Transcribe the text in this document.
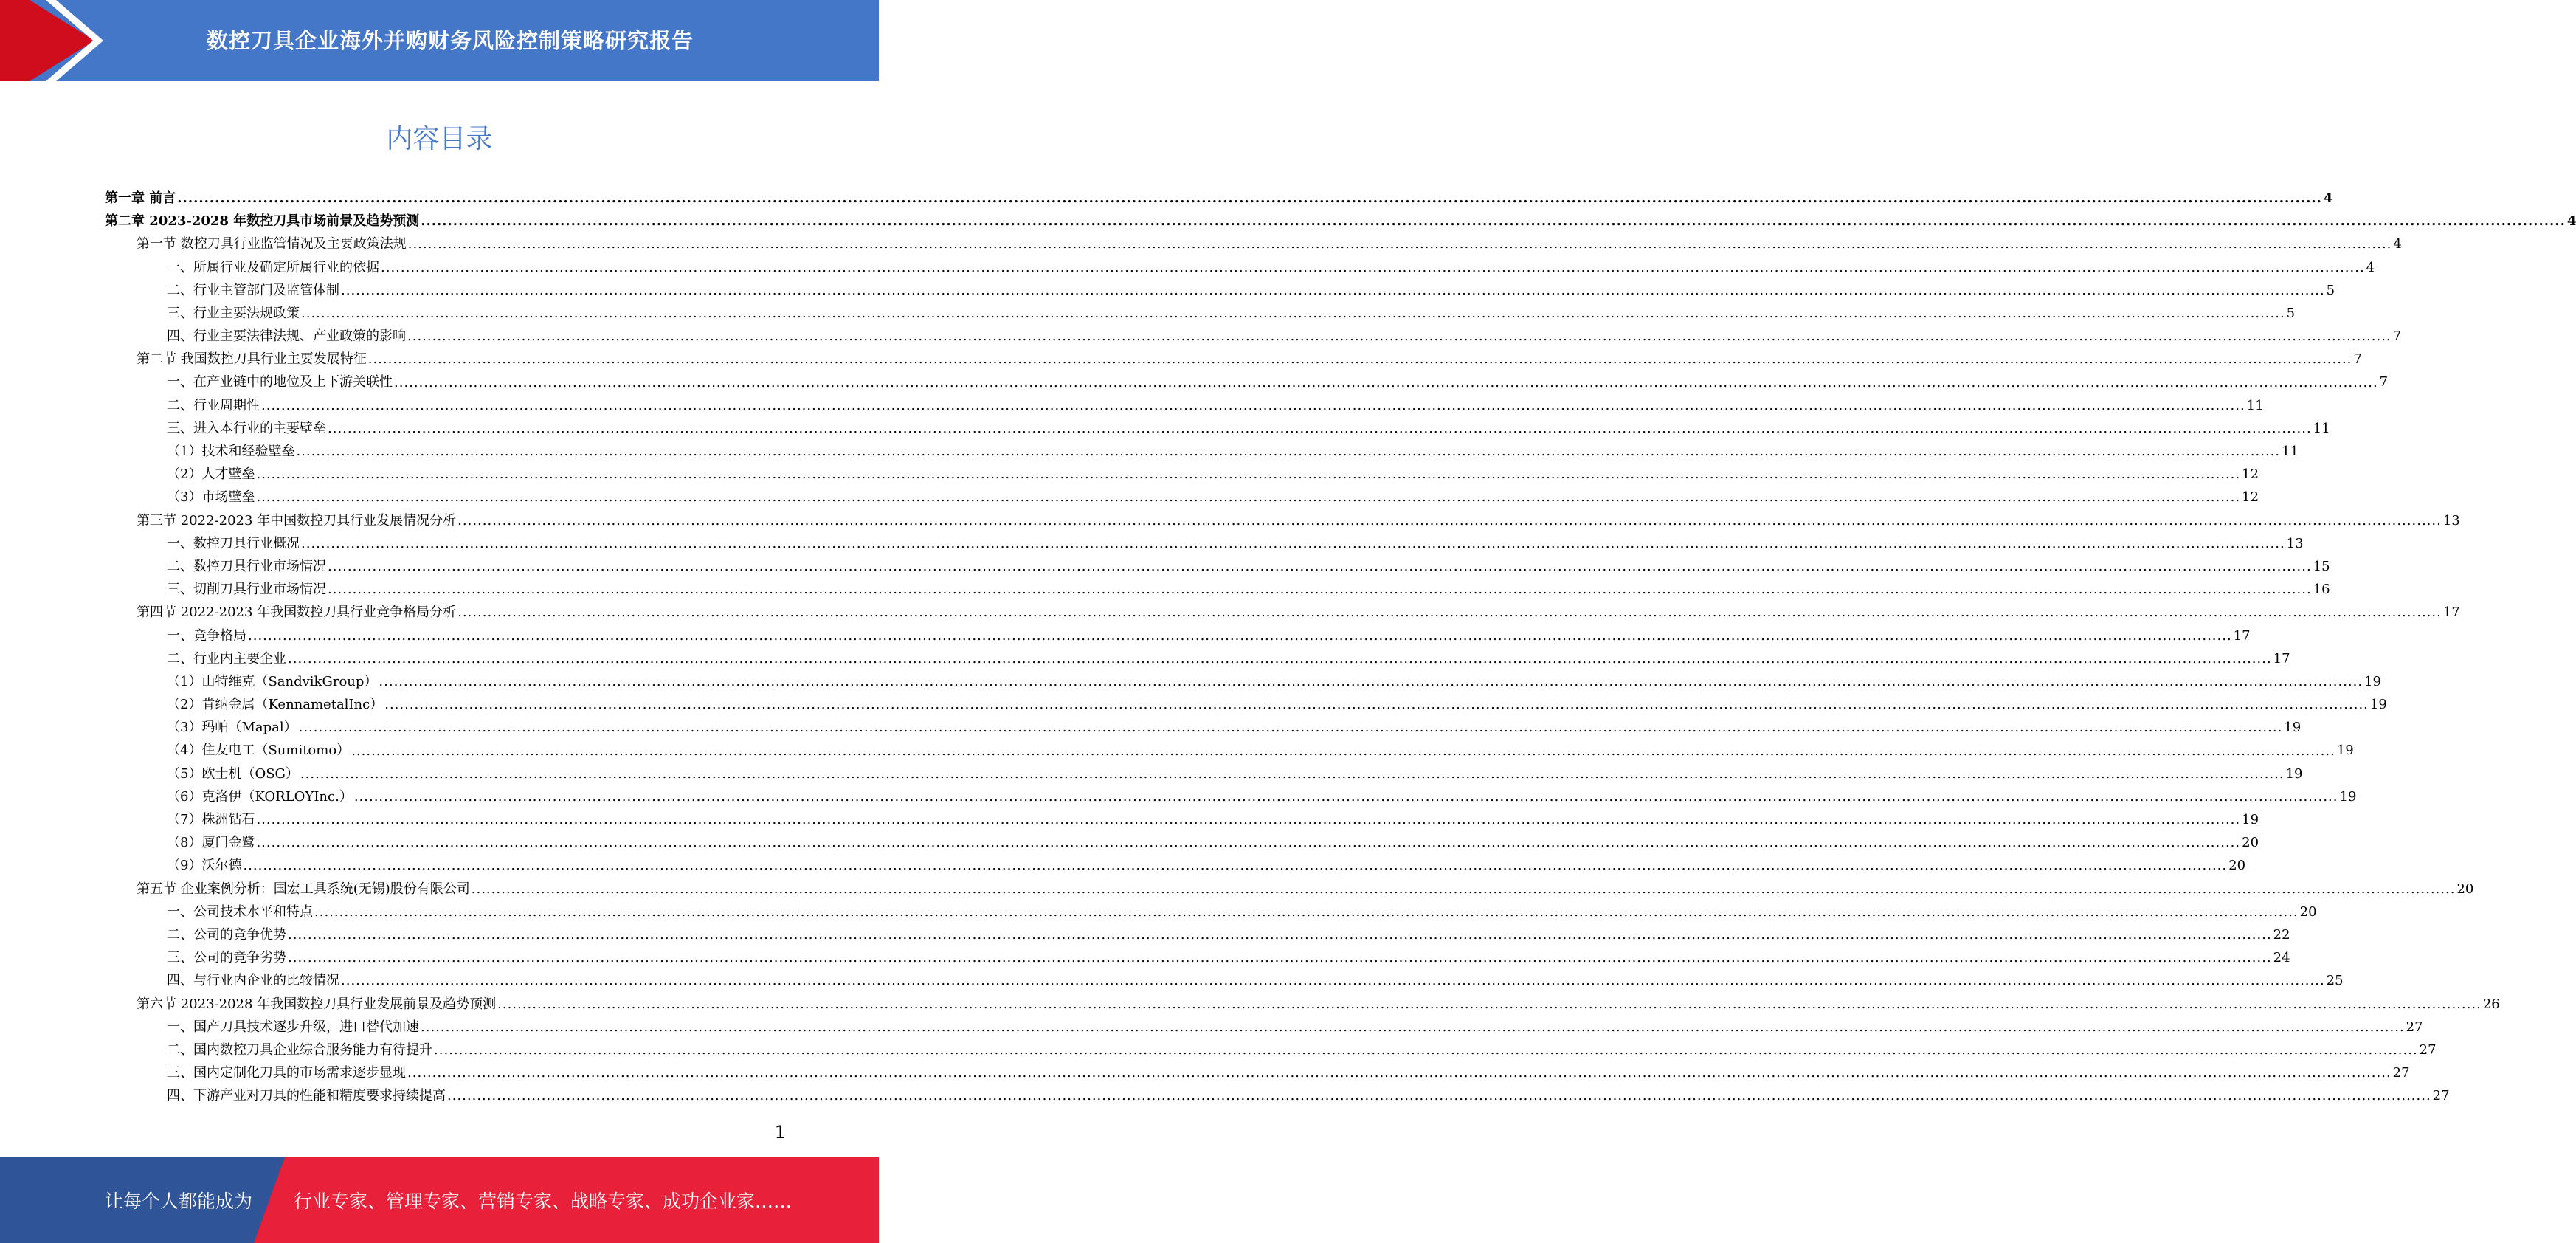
数控刀具企业海外并购财务风险控制策略研究报告
内容目录
第一章 前言 ................................................................................................................................................................................................................................................................................................................................................................................................................ 4
第二章 2023-2028 年数控刀具市场前景及趋势预测 ................................................................................................................................................................................................................................................................................................................................................................................................................ 4
第一节 数控刀具行业监管情况及主要政策法规 ................................................................................................................................................................................................................................................................................................................................................................................................................ 4
一、所属行业及确定所属行业的依据 ................................................................................................................................................................................................................................................................................................................................................................................................................ 4
二、行业主管部门及监管体制 ................................................................................................................................................................................................................................................................................................................................................................................................................ 5
三、行业主要法规政策 ................................................................................................................................................................................................................................................................................................................................................................................................................ 5
四、行业主要法律法规、产业政策的影响 ................................................................................................................................................................................................................................................................................................................................................................................................................ 7
第二节 我国数控刀具行业主要发展特征 ................................................................................................................................................................................................................................................................................................................................................................................................................ 7
一、在产业链中的地位及上下游关联性 ................................................................................................................................................................................................................................................................................................................................................................................................................ 7
二、行业周期性 ................................................................................................................................................................................................................................................................................................................................................................................................................ 11
三、进入本行业的主要壁垒 ................................................................................................................................................................................................................................................................................................................................................................................................................ 11
（1）技术和经验壁垒 ................................................................................................................................................................................................................................................................................................................................................................................................................ 11
（2）人才壁垒 ................................................................................................................................................................................................................................................................................................................................................................................................................ 12
（3）市场壁垒 ................................................................................................................................................................................................................................................................................................................................................................................................................ 12
第三节 2022-2023 年中国数控刀具行业发展情况分析 ................................................................................................................................................................................................................................................................................................................................................................................................................ 13
一、数控刀具行业概况 ................................................................................................................................................................................................................................................................................................................................................................................................................ 13
二、数控刀具行业市场情况 ................................................................................................................................................................................................................................................................................................................................................................................................................ 15
三、切削刀具行业市场情况 ................................................................................................................................................................................................................................................................................................................................................................................................................ 16
第四节 2022-2023 年我国数控刀具行业竞争格局分析 ................................................................................................................................................................................................................................................................................................................................................................................................................ 17
一、竞争格局 ................................................................................................................................................................................................................................................................................................................................................................................................................ 17
二、行业内主要企业 ................................................................................................................................................................................................................................................................................................................................................................................................................ 17
（1）山特维克（SandvikGroup） ................................................................................................................................................................................................................................................................................................................................................................................................................ 19
（2）肯纳金属（KennametalInc） ................................................................................................................................................................................................................................................................................................................................................................................................................ 19
（3）玛帕（Mapal） ................................................................................................................................................................................................................................................................................................................................................................................................................ 19
（4）住友电工（Sumitomo） ................................................................................................................................................................................................................................................................................................................................................................................................................ 19
（5）欧士机（OSG） ................................................................................................................................................................................................................................................................................................................................................................................................................ 19
（6）克洛伊（KORLOYInc.） ................................................................................................................................................................................................................................................................................................................................................................................................................ 19
（7）株洲钻石 ................................................................................................................................................................................................................................................................................................................................................................................................................ 19
（8）厦门金鹭 ................................................................................................................................................................................................................................................................................................................................................................................................................ 20
（9）沃尔德 ................................................................................................................................................................................................................................................................................................................................................................................................................ 20
第五节 企业案例分析：国宏工具系统(无锡)股份有限公司 ................................................................................................................................................................................................................................................................................................................................................................................................................ 20
一、公司技术水平和特点 ................................................................................................................................................................................................................................................................................................................................................................................................................ 20
二、公司的竞争优势 ................................................................................................................................................................................................................................................................................................................................................................................................................ 22
三、公司的竞争劣势 ................................................................................................................................................................................................................................................................................................................................................................................................................ 24
四、与行业内企业的比较情况 ................................................................................................................................................................................................................................................................................................................................................................................................................ 25
第六节 2023-2028 年我国数控刀具行业发展前景及趋势预测 ................................................................................................................................................................................................................................................................................................................................................................................................................ 26
一、国产刀具技术逐步升级，进口替代加速 ................................................................................................................................................................................................................................................................................................................................................................................................................ 27
二、国内数控刀具企业综合服务能力有待提升 ................................................................................................................................................................................................................................................................................................................................................................................................................ 27
三、国内定制化刀具的市场需求逐步显现 ................................................................................................................................................................................................................................................................................................................................................................................................................ 27
四、下游产业对刀具的性能和精度要求持续提高 ................................................................................................................................................................................................................................................................................................................................................................................................................ 27
1
让每个人都能成为 行业专家、管理专家、营销专家、战略专家、成功企业家……
